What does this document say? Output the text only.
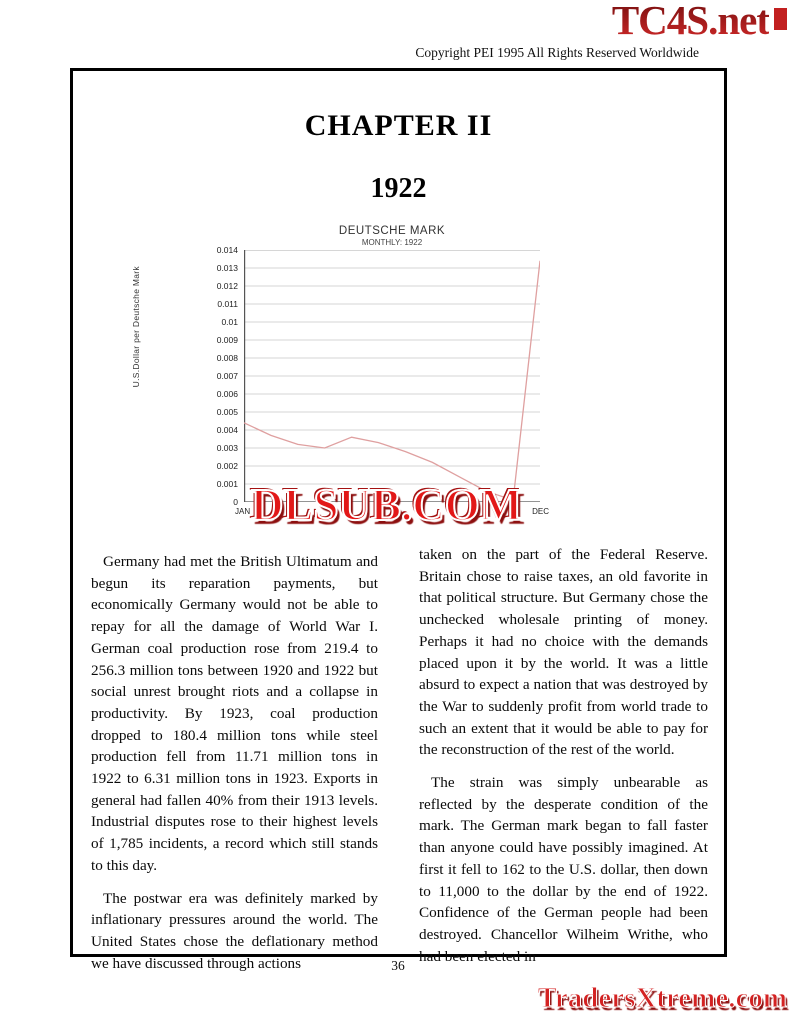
TC4S.net
Copyright PEI 1995 All Rights Reserved Worldwide
CHAPTER II
1922
DEUTSCHE MARK
MONTHLY: 1922
U.S.Dollar per Deutsche Mark
0.014
0.013
0.012
0.011
0.01
0.009
0.008
0.007
0.006
0.005
0.004
0.003
0.002
0.001
0
JAN	DEC
DLSUB.COM

Germany had met the British Ultimatum and begun its reparation payments, but economically Germany would not be able to repay for all the damage of World War I. German coal production rose from 219.4 to 256.3 million tons between 1920 and 1922 but social unrest brought riots and a collapse in productivity. By 1923, coal production dropped to 180.4 million tons while steel production fell from 11.71 million tons in 1922 to 6.31 million tons in 1923. Exports in general had fallen 40% from their 1913 levels. Industrial disputes rose to their highest levels of 1,785 incidents, a record which still stands to this day.

The postwar era was definitely marked by inflationary pressures around the world. The United States chose the deflationary method we have discussed through actions

taken on the part of the Federal Reserve. Britain chose to raise taxes, an old favorite in that political structure. But Germany chose the unchecked wholesale printing of money. Perhaps it had no choice with the demands placed upon it by the world. It was a little absurd to expect a nation that was destroyed by the War to suddenly profit from world trade to such an extent that it would be able to pay for the reconstruction of the rest of the world.

The strain was simply unbearable as reflected by the desperate condition of the mark. The German mark began to fall faster than anyone could have possibly imagined. At first it fell to 162 to the U.S. dollar, then down to 11,000 to the dollar by the end of 1922. Confidence of the German people had been destroyed. Chancellor Wilheim Writhe, who had been elected in

36
TradersXtreme.com
